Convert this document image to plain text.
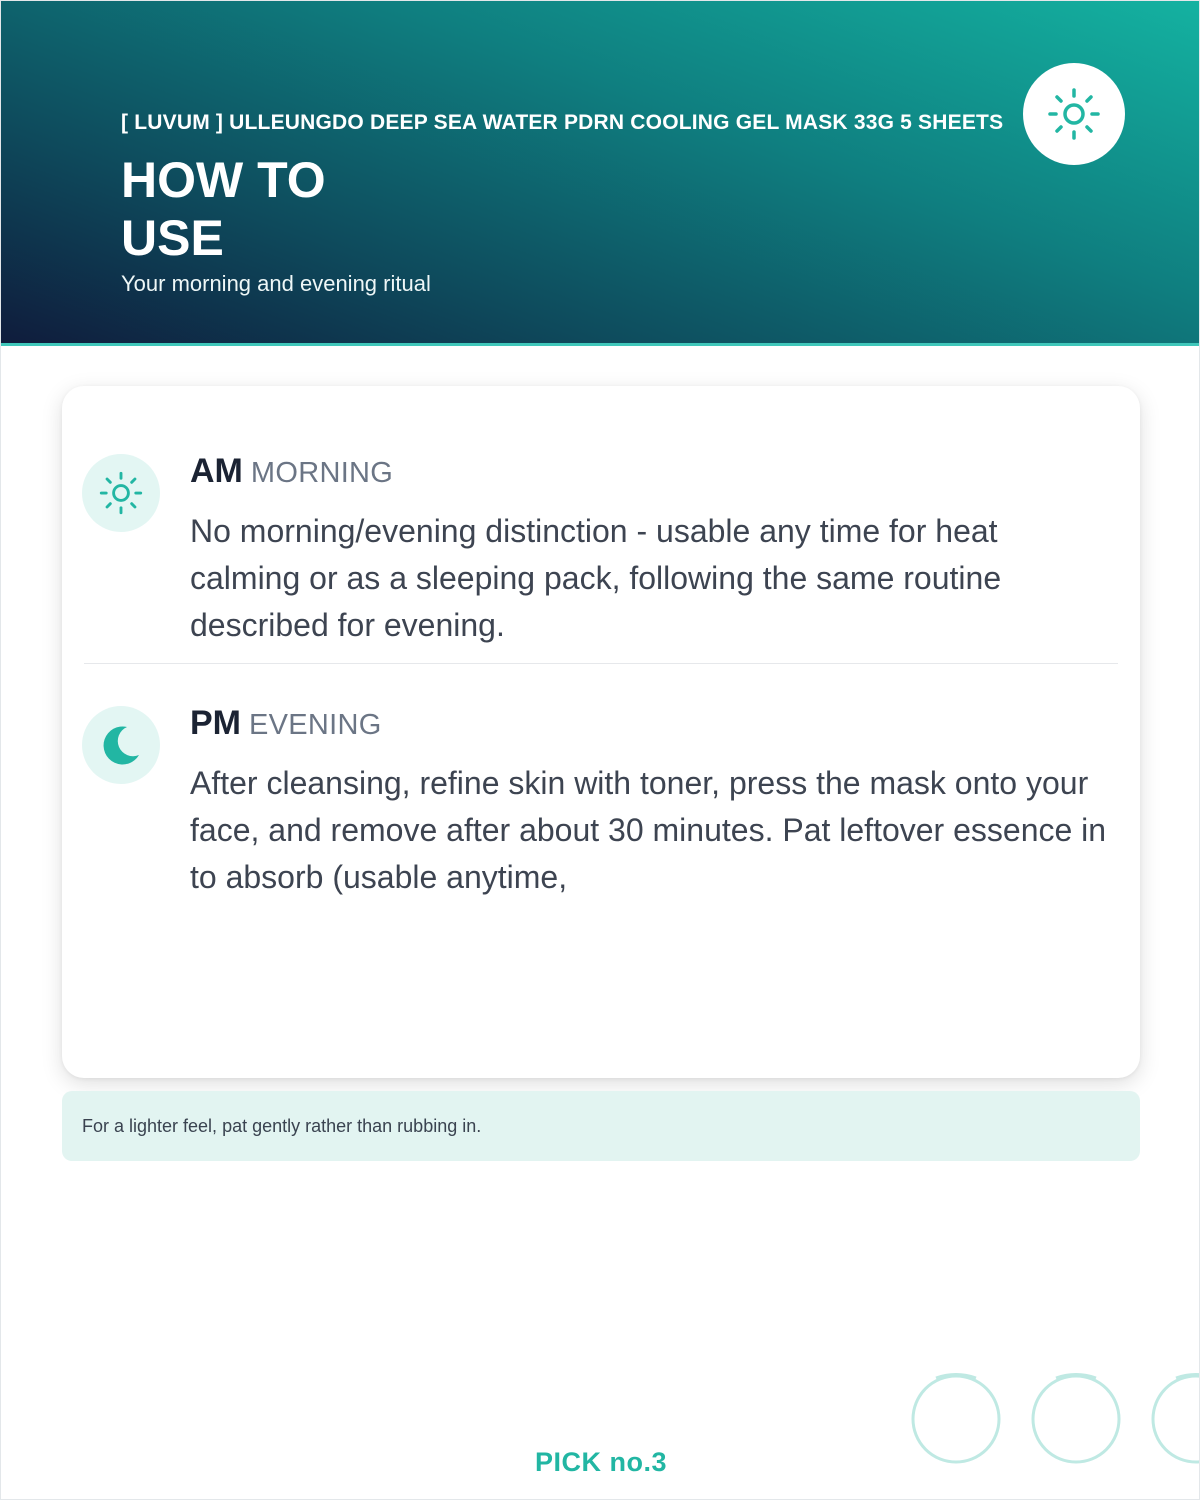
[ LUVUM ] ULLEUNGDO DEEP SEA WATER PDRN COOLING GEL MASK 33G 5 SHEETS
HOW TO
USE
Your morning and evening ritual
AM MORNING
No morning/evening distinction - usable any time for heat calming or as a sleeping pack, following the same routine described for evening.
PM EVENING
After cleansing, refine skin with toner, press the mask onto your face, and remove after about 30 minutes. Pat leftover essence in to absorb (usable anytime,
For a lighter feel, pat gently rather than rubbing in.
PICK no.3
